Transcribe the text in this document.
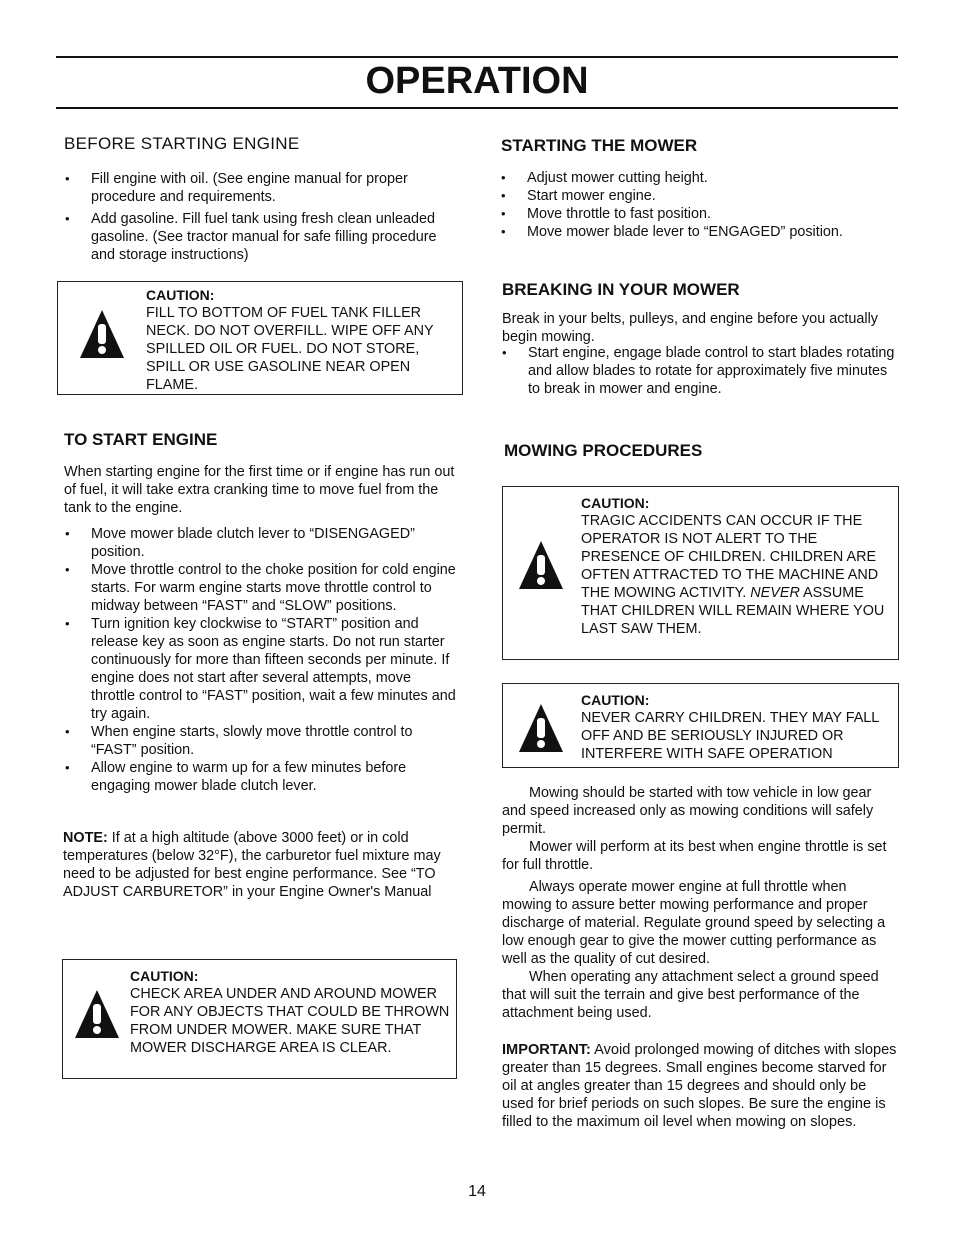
OPERATION
BEFORE STARTING ENGINE
• Fill engine with oil. (See engine manual for proper procedure and requirements.
• Add gasoline. Fill fuel tank using fresh clean unleaded gasoline. (See tractor manual for safe filling procedure and storage instructions)
CAUTION:
FILL TO BOTTOM OF FUEL TANK FILLER NECK. DO NOT OVERFILL. WIPE OFF ANY SPILLED OIL OR FUEL. DO NOT STORE, SPILL OR USE GASOLINE NEAR OPEN FLAME.
TO START ENGINE

When starting engine for the first time or if engine has run out of fuel, it will take extra cranking time to move fuel from the tank to the engine.

• Move mower blade clutch lever to “DISENGAGED” position.
• Move throttle control to the choke position for cold engine starts. For warm engine starts move throttle control to midway between “FAST” and “SLOW” positions.
• Turn ignition key clockwise to “START” position and release key as soon as engine starts. Do not run starter continuously for more than fifteen seconds per minute. If engine does not start after several attempts, move throttle control to “FAST” position, wait a few minutes and try again.
• When engine starts, slowly move throttle control to “FAST” position.
• Allow engine to warm up for a few minutes before engaging mower blade clutch lever.

NOTE: If at a high altitude (above 3000 feet) or in cold temperatures (below 32°F), the carburetor fuel mixture may need to be adjusted for best engine performance. See “TO ADJUST CARBURETOR” in your Engine Owner's Manual

CAUTION:
CHECK AREA UNDER AND AROUND MOWER FOR ANY OBJECTS THAT COULD BE THROWN FROM UNDER MOWER. MAKE SURE THAT MOWER DISCHARGE AREA IS CLEAR.
STARTING THE MOWER
• Adjust mower cutting height.
• Start mower engine.
• Move throttle to fast position.
• Move mower blade lever to “ENGAGED” position.
BREAKING IN YOUR MOWER

Break in your belts, pulleys, and engine before you actually begin mowing.

• Start engine, engage blade control to start blades rotating and allow blades to rotate for approximately five minutes to break in mower and engine.
MOWING PROCEDURES
CAUTION:
TRAGIC ACCIDENTS CAN OCCUR IF THE OPERATOR IS NOT ALERT TO THE PRESENCE OF CHILDREN. CHILDREN ARE OFTEN ATTRACTED TO THE MACHINE AND THE MOWING ACTIVITY. NEVER ASSUME THAT CHILDREN WILL REMAIN WHERE YOU LAST SAW THEM.
CAUTION:
NEVER CARRY CHILDREN. THEY MAY FALL OFF AND BE SERIOUSLY INJURED OR INTERFERE WITH SAFE OPERATION

Mowing should be started with tow vehicle in low gear and speed increased only as mowing conditions will safely permit.

Mower will perform at its best when engine throttle is set for full throttle.

Always operate mower engine at full throttle when mowing to assure better mowing performance and proper discharge of material. Regulate ground speed by selecting a low enough gear to give the mower cutting performance as well as the quality of cut desired.

When operating any attachment select a ground speed that will suit the terrain and give best performance of the attachment being used.

IMPORTANT: Avoid prolonged mowing of ditches with slopes greater than 15 degrees. Small engines become starved for oil at angles greater than 15 degrees and should only be used for brief periods on such slopes. Be sure the engine is filled to the maximum oil level when mowing on slopes.

14
